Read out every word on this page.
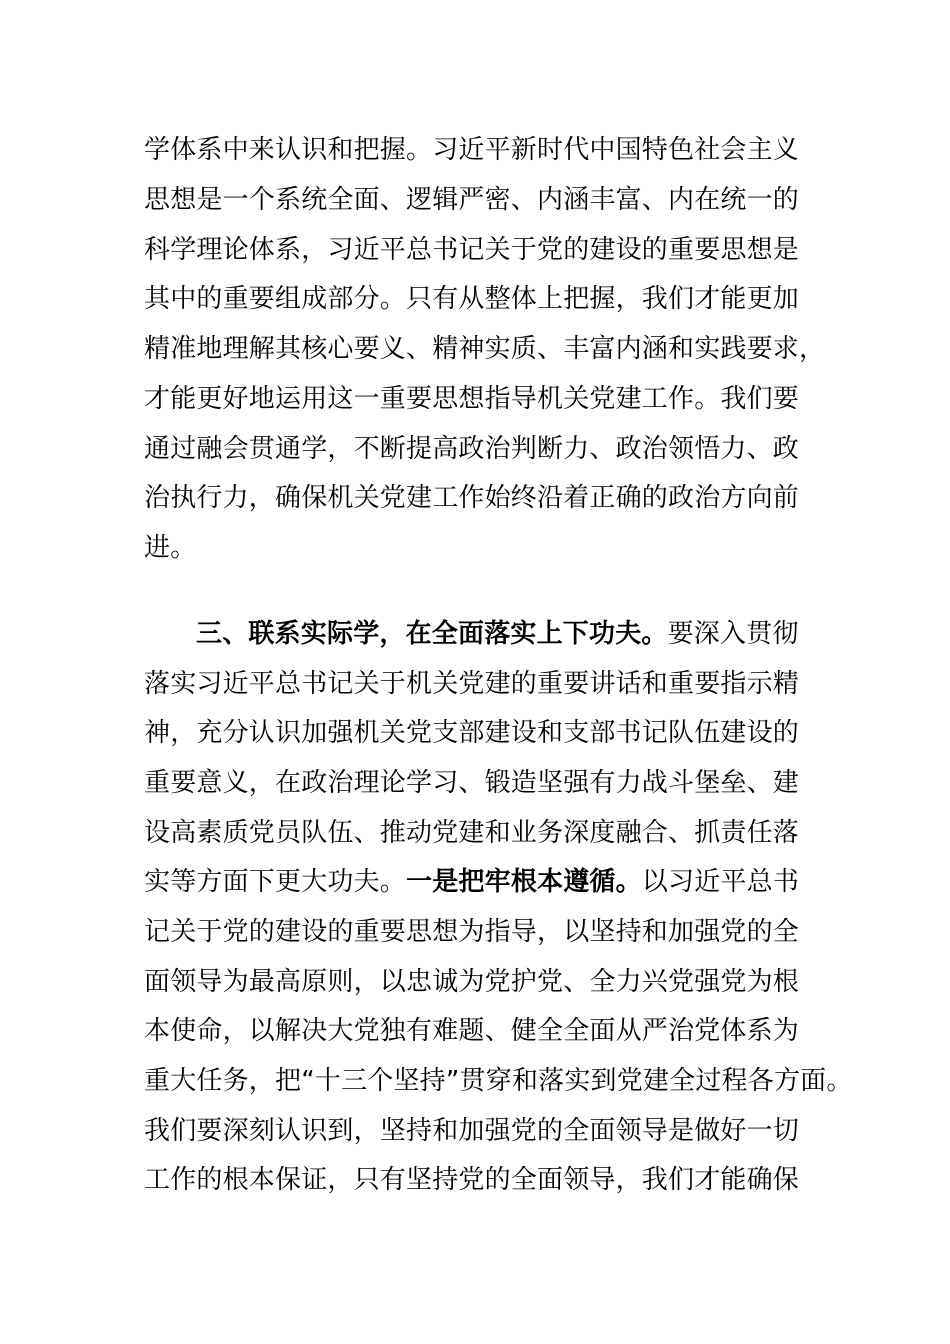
学体系中来认识和把握。习近平新时代中国特色社会主义
思想是一个系统全面、逻辑严密、内涵丰富、内在统一的
科学理论体系，习近平总书记关于党的建设的重要思想是
其中的重要组成部分。只有从整体上把握，我们才能更加
精准地理解其核心要义、精神实质、丰富内涵和实践要求，
才能更好地运用这一重要思想指导机关党建工作。我们要
通过融会贯通学，不断提高政治判断力、政治领悟力、政
治执行力，确保机关党建工作始终沿着正确的政治方向前
进。
三、联系实际学，在全面落实上下功夫。要深入贯彻
落实习近平总书记关于机关党建的重要讲话和重要指示精
神，充分认识加强机关党支部建设和支部书记队伍建设的
重要意义，在政治理论学习、锻造坚强有力战斗堡垒、建
设高素质党员队伍、推动党建和业务深度融合、抓责任落
实等方面下更大功夫。一是把牢根本遵循。以习近平总书
记关于党的建设的重要思想为指导，以坚持和加强党的全
面领导为最高原则，以忠诚为党护党、全力兴党强党为根
本使命，以解决大党独有难题、健全全面从严治党体系为
重大任务，把“十三个坚持”贯穿和落实到党建全过程各方面。
我们要深刻认识到，坚持和加强党的全面领导是做好一切
工作的根本保证，只有坚持党的全面领导，我们才能确保
